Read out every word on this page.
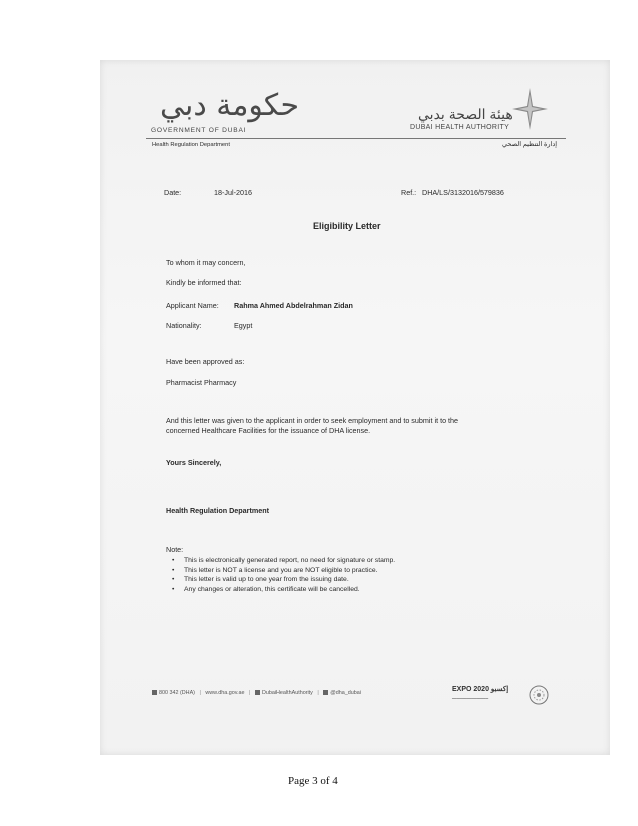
حكومة دبي
GOVERNMENT OF DUBAI
هيئة الصحة بدبي
DUBAI HEALTH AUTHORITY
Health Regulation Department	إدارة التنظيم الصحي
Date:	18-Jul-2016	Ref.: DHA/LS/3132016/579836
Eligibility Letter
To whom it may concern,
Kindly be informed that:
Applicant Name: Rahma Ahmed Abdelrahman Zidan
Nationality:	Egypt
Have been approved as:
Pharmacist Pharmacy
And this letter was given to the applicant in order to seek employment and to submit it to the
concerned Healthcare Facilities for the issuance of DHA license.
Yours Sincerely,
Health Regulation Department
Note:
• This is electronically generated report, no need for signature or stamp.
• This letter is NOT a license and you are NOT eligible to practice.
• This letter is valid up to one year from the issuing date.
• Any changes or alteration, this certificate will be cancelled.
800 342 (DHA) | www.dha.gov.ae | DubaiHealthAuthority | @dha_dubai	EXPO 2020 إكسبو
━━━━━━━━━━━━━━━
Page 3 of 4
